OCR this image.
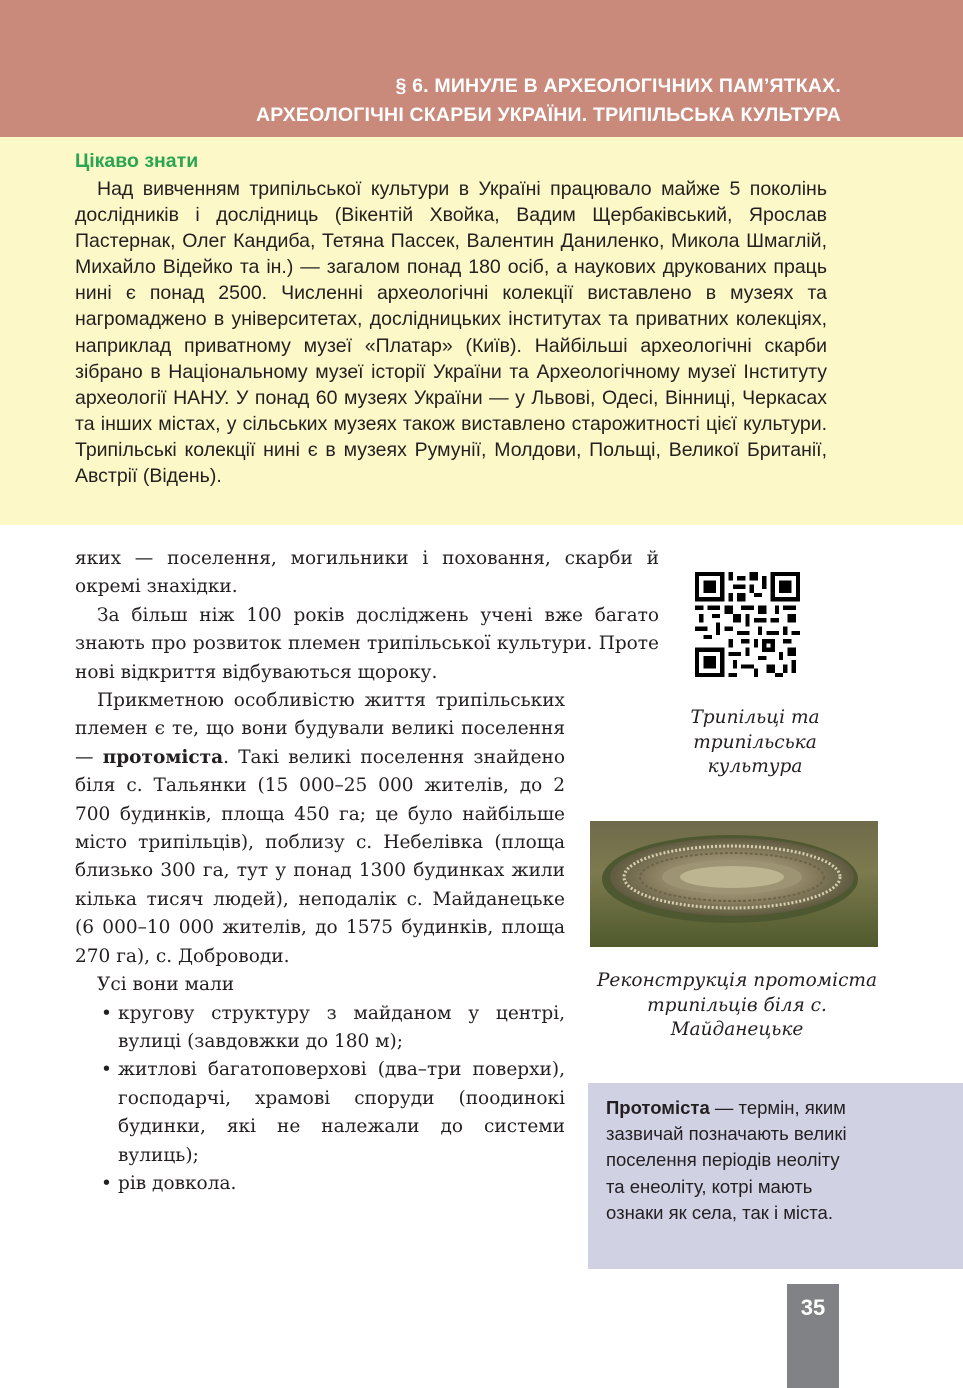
§ 6. МИНУЛЕ В АРХЕОЛОГІЧНИХ ПАМ’ЯТКАХ.
АРХЕОЛОГІЧНІ СКАРБИ УКРАЇНИ. ТРИПІЛЬСЬКА КУЛЬТУРА
Цікаво знати

Над вивченням трипільської культури в Україні працювало майже 5 поколінь дослідників і дослідниць (Вікентій Хвойка, Вадим Щербаківський, Ярослав Пастернак, Олег Кандиба, Тетяна Пассек, Валентин Даниленко, Микола Шмаглій, Михайло Відейко та ін.) — загалом понад 180 осіб, а наукових друкованих праць нині є понад 2500. Численні археологічні колекції виставлено в музеях та нагромаджено в університетах, дослідницьких інститутах та приватних колекціях, наприклад приватному музеї «Платар» (Київ). Найбільші археологічні скарби зібрано в Національному музеї історії України та Археологічному музеї Інституту археології НАНУ. У понад 60 музеях України — у Львові, Одесі, Вінниці, Черкасах та інших містах, у сільських музеях також виставлено старожитності цієї культури. Трипільські колекції нині є в музеях Румунії, Молдови, Польщі, Великої Британії, Австрії (Відень).

яких — поселення, могильники і поховання, скарби й окремі знахідки.

За більш ніж 100 років досліджень учені вже багато знають про розвиток племен трипільської культури. Проте нові відкриття відбуваються щороку.

Прикметною особливістю життя трипільських племен є те, що вони будували великі поселення — протоміста. Такі великі поселення знайдено біля с. Тальянки (15 000–25 000 жителів, до 2 700 будинків, площа 450 га; це було найбільше місто трипільців), поблизу с. Небелівка (площа близько 300 га, тут у понад 1300 будинках жили кілька тисяч людей), неподалік с. Майданецьке (6 000–10 000 жителів, до 1575 будинків, площа 270 га), с. Доброводи.

Усі вони мали

• кругову структуру з майданом у центрі, вулиці (завдовжки до 180 м);
• житлові багатоповерхові (два–три поверхи), господарчі, храмові споруди (поодинокі будинки, які не належали до системи вулиць);
• рів довкола.
Трипільці та трипільська культура
Реконструкція протоміста трипільців біля с. Майданецьке
Протоміста — термін, яким зазвичай позначають великі поселення періодів неоліту та енеоліту, котрі мають ознаки як села, так і міста.
35
